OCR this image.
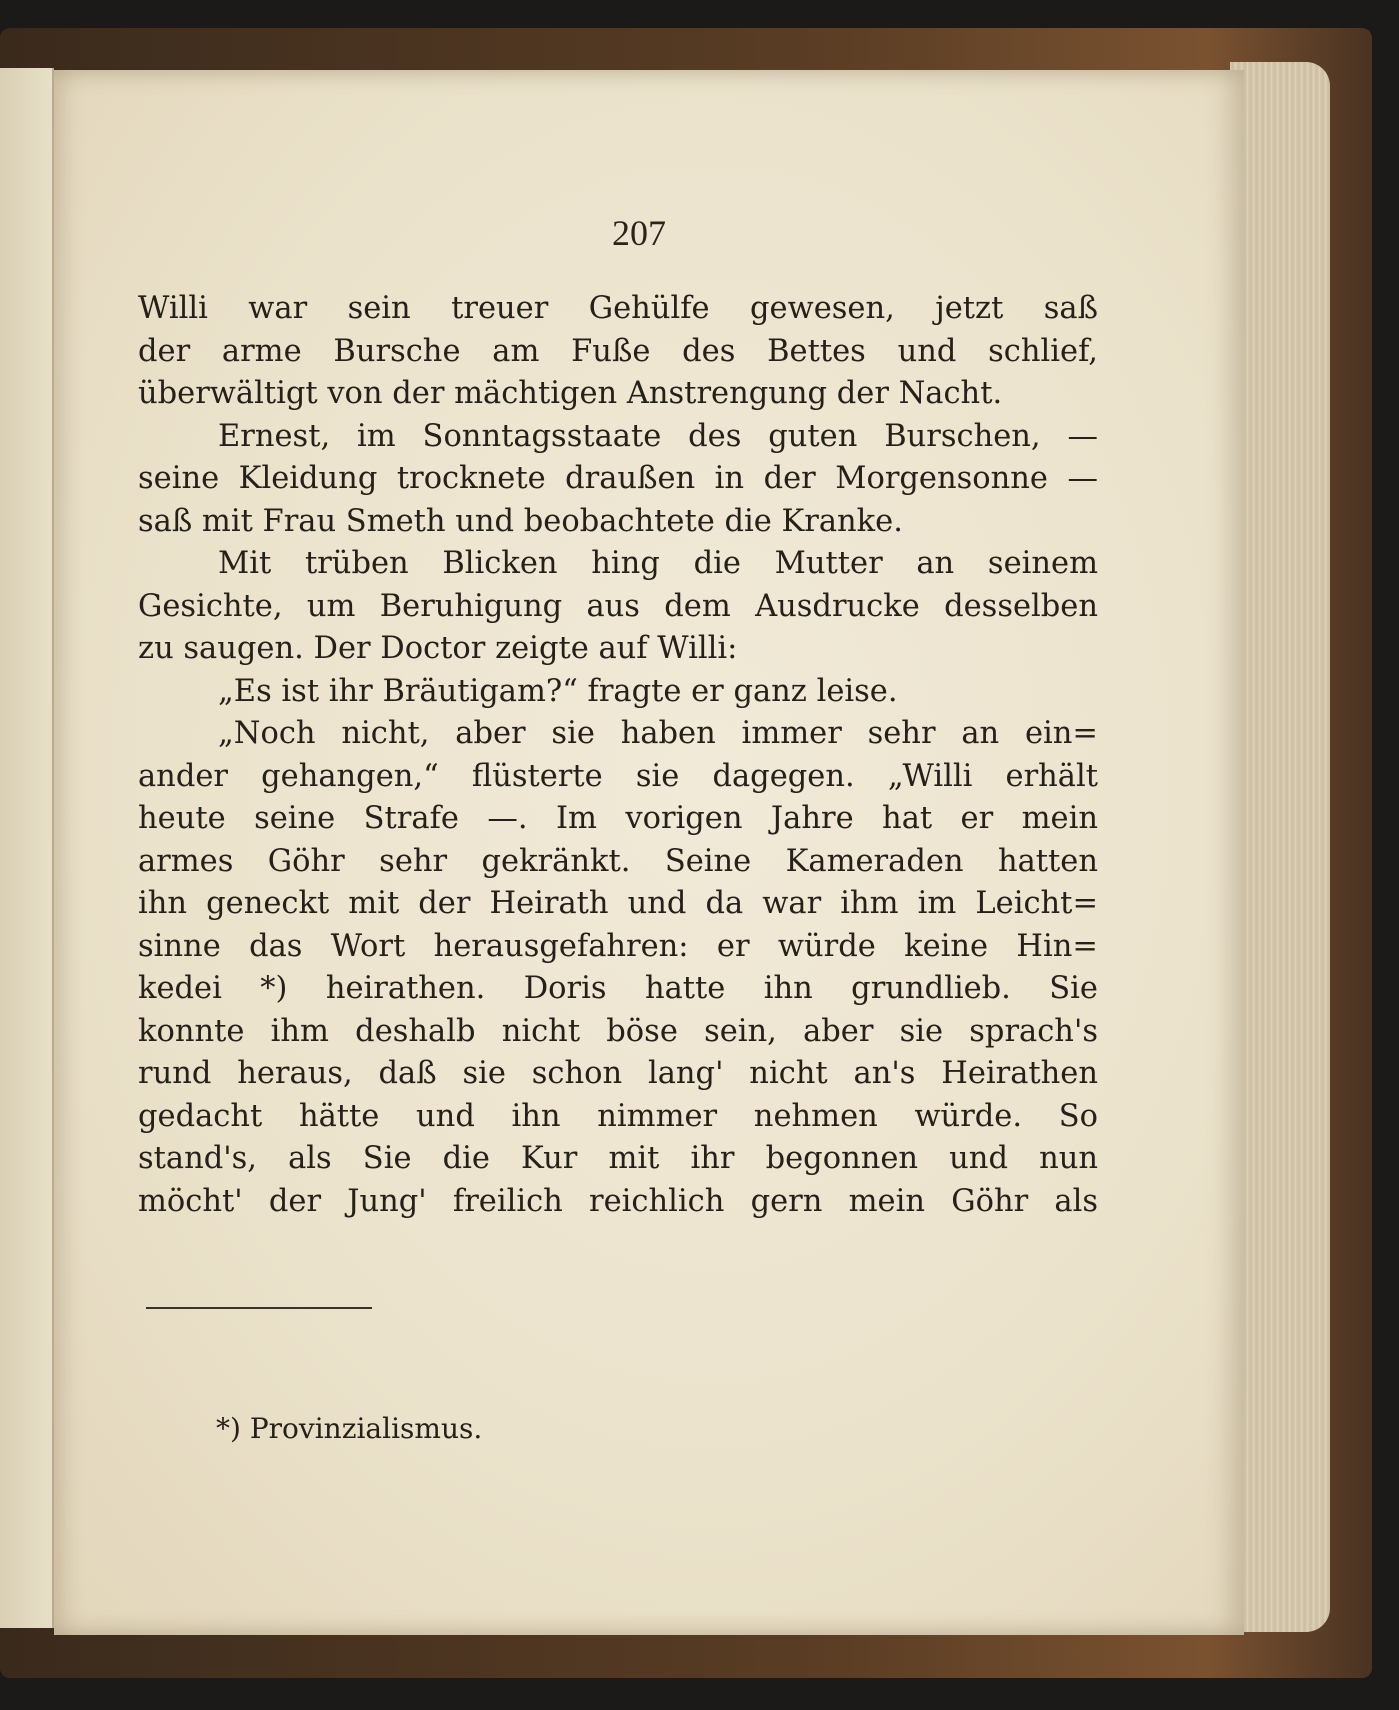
207
Willi war sein treuer Gehülfe gewesen, jetzt saß
der arme Bursche am Fuße des Bettes und schlief,
überwältigt von der mächtigen Anstrengung der Nacht.
Ernest, im Sonntagsstaate des guten Burschen, —
seine Kleidung trocknete draußen in der Morgensonne —
saß mit Frau Smeth und beobachtete die Kranke.
Mit trüben Blicken hing die Mutter an seinem
Gesichte, um Beruhigung aus dem Ausdrucke desselben
zu saugen. Der Doctor zeigte auf Willi:
„Es ist ihr Bräutigam?“ fragte er ganz leise.
„Noch nicht, aber sie haben immer sehr an ein=
ander gehangen,“ flüsterte sie dagegen. „Willi erhält
heute seine Strafe —. Im vorigen Jahre hat er mein
armes Göhr sehr gekränkt. Seine Kameraden hatten
ihn geneckt mit der Heirath und da war ihm im Leicht=
sinne das Wort herausgefahren: er würde keine Hin=
kedei *) heirathen. Doris hatte ihn grundlieb. Sie
konnte ihm deshalb nicht böse sein, aber sie sprach's
rund heraus, daß sie schon lang' nicht an's Heirathen
gedacht hätte und ihn nimmer nehmen würde. So
stand's, als Sie die Kur mit ihr begonnen und nun
möcht' der Jung' freilich reichlich gern mein Göhr als
*) Provinzialismus.
